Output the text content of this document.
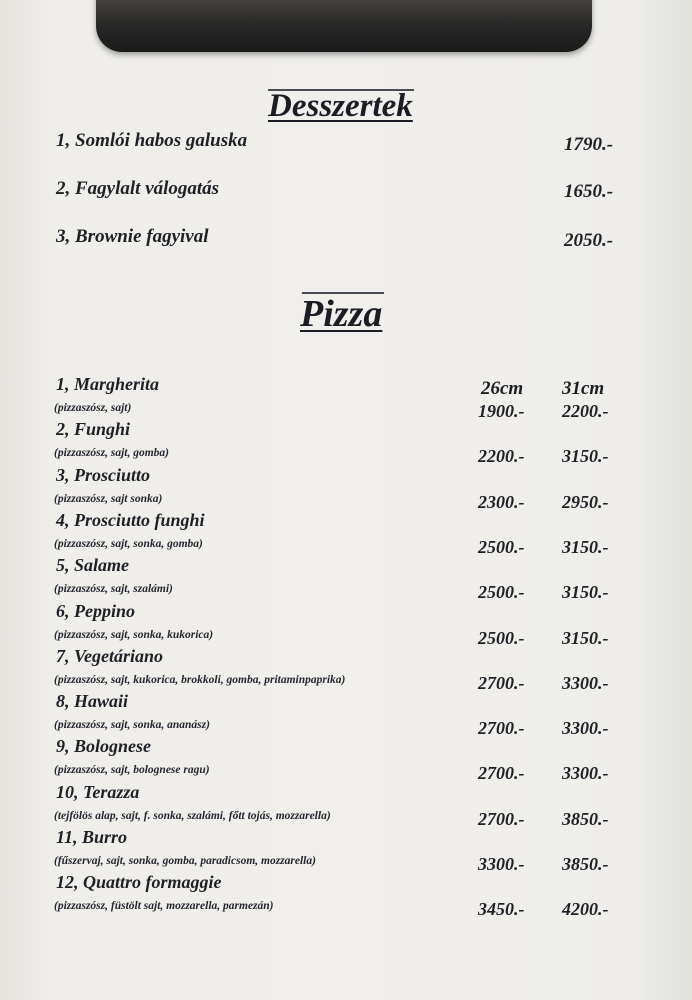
Desszertek
1, Somlói habos galuska	1790.-
2, Fagylalt válogatás	1650.-
3, Brownie fagyival	2050.-
Pizza
26cm 31cm
1, Margherita
(pizzaszósz, sajt)	1900.- 2200.-
2, Funghi
(pizzaszósz, sajt, gomba)	2200.- 3150.-
3, Prosciutto
(pizzaszósz, sajt sonka)	2300.- 2950.-
4, Prosciutto funghi
(pizzaszósz, sajt, sonka, gomba)	2500.- 3150.-
5, Salame
(pizzaszósz, sajt, szalámi)	2500.- 3150.-
6, Peppino
(pizzaszósz, sajt, sonka, kukorica)	2500.- 3150.-
7, Vegetáriano
(pizzaszósz, sajt, kukorica, brokkoli, gomba, pritaminpaprika)	2700.- 3300.-
8, Hawaii
(pizzaszósz, sajt, sonka, ananász)	2700.- 3300.-
9, Bolognese
(pizzaszósz, sajt, bolognese ragu)	2700.- 3300.-
10, Terazza
(tejfölös alap, sajt, f. sonka, szalámi, főtt tojás, mozzarella)	2700.- 3850.-
11, Burro
(fűszervaj, sajt, sonka, gomba, paradicsom, mozzarella)	3300.- 3850.-
12, Quattro formaggie
(pizzaszósz, füstölt sajt, mozzarella, parmezán)	3450.- 4200.-
